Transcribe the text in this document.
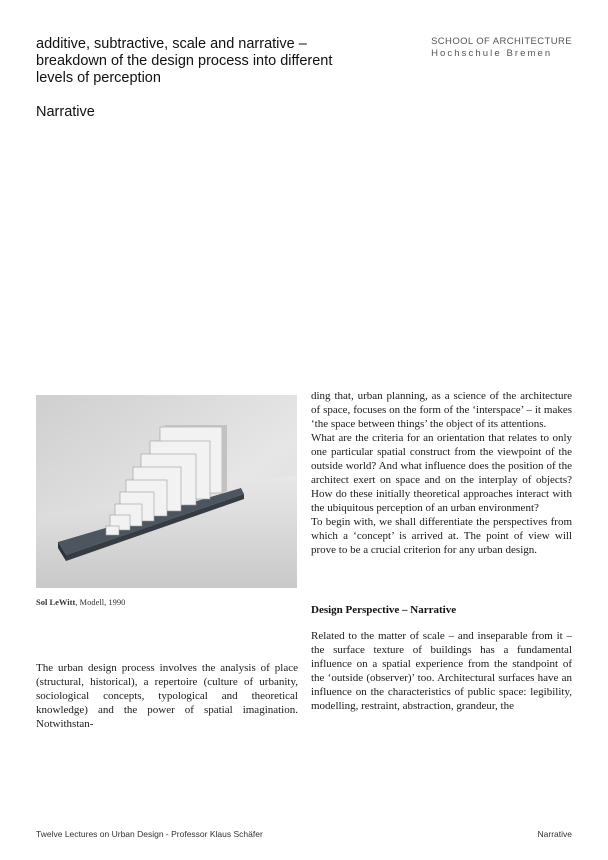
additive, subtractive, scale and narrative – breakdown of the design process into different levels of perception
Narrative
SCHOOL OF ARCHITECTURE
Hochschule Bremen
Sol LeWitt, Modell, 1990

The urban design process involves the analysis of place (structural, historical), a repertoire (culture of urbanity, sociological concepts, typological and theoretical knowledge) and the power of spatial imagination. Notwithstan-

ding that, urban planning, as a science of the architecture of space, focuses on the form of the ‘interspace’ – it makes ‘the space between things’ the object of its attentions.

What are the criteria for an orientation that relates to only one particular spatial construct from the viewpoint of the outside world? And what influence does the position of the architect exert on space and on the interplay of objects? How do these initially theoretical approaches interact with the ubiquitous perception of an urban environment?

To begin with, we shall differentiate the perspectives from which a ‘concept’ is arrived at. The point of view will prove to be a crucial criterion for any urban design.

Design Perspective – Narrative

Related to the matter of scale – and inseparable from it – the surface texture of buildings has a fundamental influence on a spatial experience from the standpoint of the ‘outside (observer)’ too. Architectural surfaces have an influence on the characteristics of public space: legibility, modelling, restraint, abstraction, grandeur, the

Twelve Lectures on Urban Design - Professor Klaus Schäfer	Narrative
